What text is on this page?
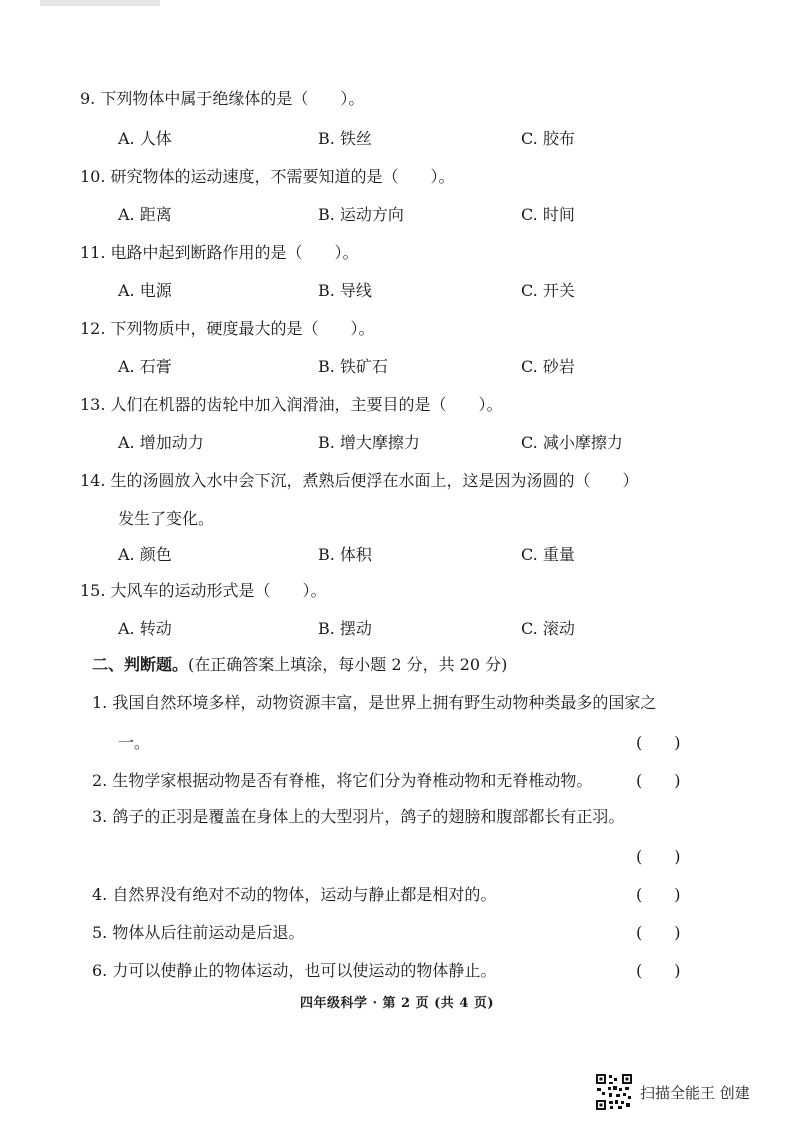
9. 下列物体中属于绝缘体的是（　　）。
A. 人体	B. 铁丝	C. 胶布
10. 研究物体的运动速度，不需要知道的是（　　）。
A. 距离	B. 运动方向	C. 时间
11. 电路中起到断路作用的是（　　）。
A. 电源	B. 导线	C. 开关
12. 下列物质中，硬度最大的是（　　）。
A. 石膏	B. 铁矿石	C. 砂岩
13. 人们在机器的齿轮中加入润滑油，主要目的是（　　）。
A. 增加动力	B. 增大摩擦力	C. 减小摩擦力
14. 生的汤圆放入水中会下沉，煮熟后便浮在水面上，这是因为汤圆的（　　）
发生了变化。
A. 颜色	B. 体积	C. 重量
15. 大风车的运动形式是（　　）。
A. 转动	B. 摆动	C. 滚动
二、判断题。(在正确答案上填涂，每小题 2 分，共 20 分)
1. 我国自然环境多样，动物资源丰富，是世界上拥有野生动物种类最多的国家之
一。	(　　)
2. 生物学家根据动物是否有脊椎，将它们分为脊椎动物和无脊椎动物。	(　　)
3. 鸽子的正羽是覆盖在身体上的大型羽片，鸽子的翅膀和腹部都长有正羽。
(　　)
4. 自然界没有绝对不动的物体，运动与静止都是相对的。	(　　)
5. 物体从后往前运动是后退。	(　　)
6. 力可以使静止的物体运动，也可以使运动的物体静止。	(　　)
四年级科学 · 第 2 页 (共 4 页)
扫描全能王 创建
